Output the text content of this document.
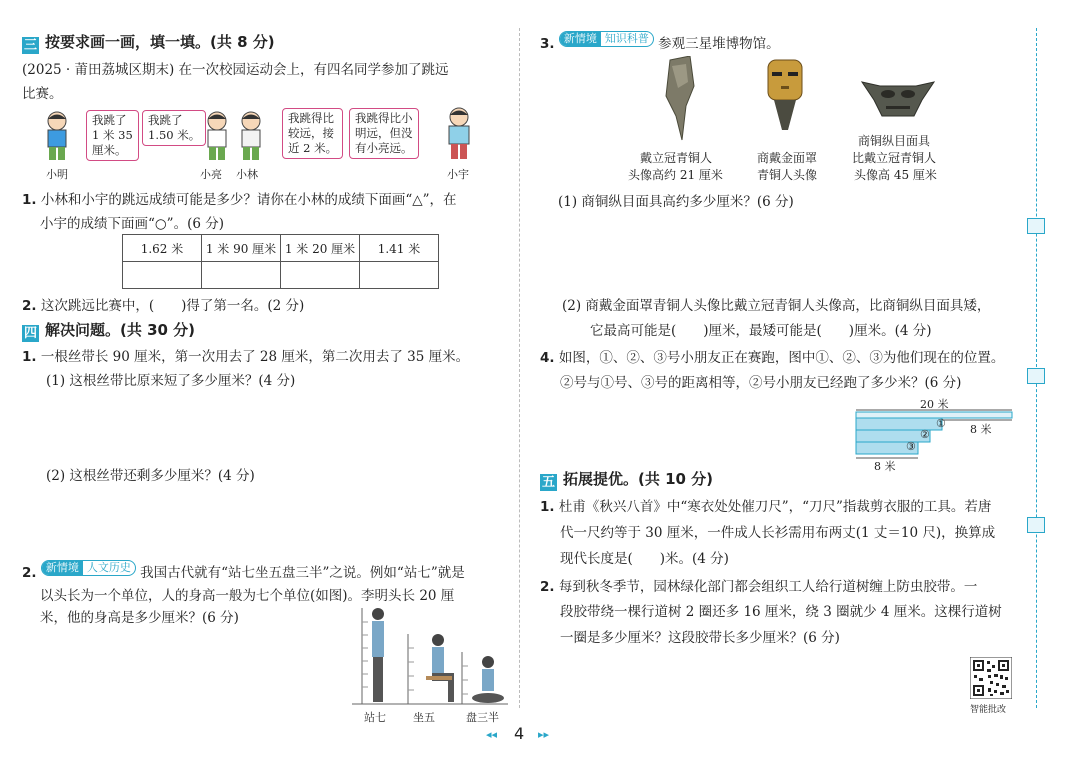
三 按要求画一画，填一填。(共 8 分)
(2025 · 莆田荔城区期末) 在一次校园运动会上，有四名同学参加了跳远
比赛。
我跳了
1 米 35
厘米。
我跳了
1.50 米。
我跳得比
较远，接
近 2 米。
我跳得比小
明远，但没
有小亮远。
小明	小亮 小林	小宇
1. 小林和小宇的跳远成绩可能是多少？请你在小林的成绩下面画“△”，在
小宇的成绩下面画“○”。(6 分)
1.62 米	1 米 90 厘米	1 米 20 厘米	1.41 米

2. 这次跳远比赛中，(　　)得了第一名。(2 分)
四 解决问题。(共 30 分)
1. 一根丝带长 90 厘米，第一次用去了 28 厘米，第二次用去了 35 厘米。
(1) 这根丝带比原来短了多少厘米？(4 分)
(2) 这根丝带还剩多少厘米？(4 分)
2. 新情境 人文历史 我国古代就有“站七坐五盘三半”之说。例如“站七”就是
以头长为一个单位，人的身高一般为七个单位(如图)。李明头长 20 厘
米，他的身高是多少厘米？(6 分)
站七 坐五	盘三半
3. 新情境 知识科普 参观三星堆博物馆。
戴立冠青铜人
头像高约 21 厘米
商戴金面罩
青铜人头像
商铜纵目面具
比戴立冠青铜人
头像高 45 厘米
(1) 商铜纵目面具高约多少厘米？(6 分)
(2) 商戴金面罩青铜人头像比戴立冠青铜人头像高，比商铜纵目面具矮，
它最高可能是(　　)厘米，最矮可能是(　　)厘米。(4 分)
4. 如图，①、②、③号小朋友正在赛跑，图中①、②、③为他们现在的位置。
②号与①号、③号的距离相等，②号小朋友已经跑了多少米？(6 分)
20 米
① 8 米
②
③
8 米
五 拓展提优。(共 10 分)
1. 杜甫《秋兴八首》中“寒衣处处催刀尺”，“刀尺”指裁剪衣服的工具。若唐
代一尺约等于 30 厘米，一件成人长衫需用布两丈(1 丈＝10 尺)，换算成
现代长度是(　　)米。(4 分)
2. 每到秋冬季节，园林绿化部门都会组织工人给行道树缠上防虫胶带。一
段胶带绕一棵行道树 2 圈还多 16 厘米，绕 3 圈就少 4 厘米。这棵行道树
一圈是多少厘米？这段胶带长多少厘米？(6 分)
智能批改
◂◂ 4 ▸▸
